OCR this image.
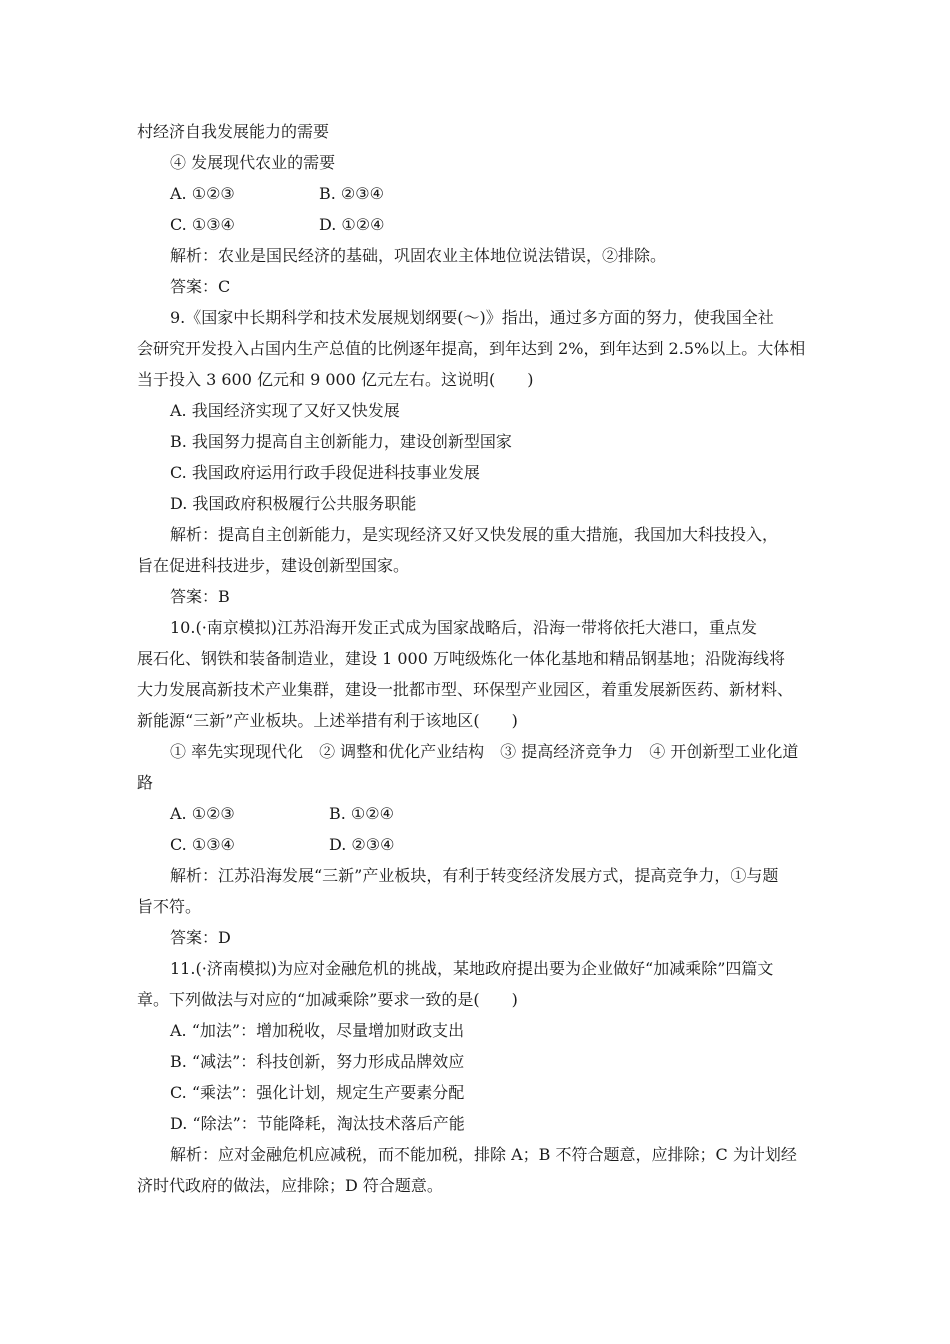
村经济自我发展能力的需要
④ 发展现代农业的需要
A. ①②③	B. ②③④
C. ①③④	D. ①②④
解析：农业是国民经济的基础，巩固农业主体地位说法错误，②排除。
答案：C
9.《国家中长期科学和技术发展规划纲要(～)》指出，通过多方面的努力，使我国全社
会研究开发投入占国内生产总值的比例逐年提高，到年达到 2%，到年达到 2.5%以上。大体相
当于投入 3 600 亿元和 9 000 亿元左右。这说明(　　)
A. 我国经济实现了又好又快发展
B. 我国努力提高自主创新能力，建设创新型国家
C. 我国政府运用行政手段促进科技事业发展
D. 我国政府积极履行公共服务职能
解析：提高自主创新能力，是实现经济又好又快发展的重大措施，我国加大科技投入，
旨在促进科技进步，建设创新型国家。
答案：B
10.(·南京模拟)江苏沿海开发正式成为国家战略后，沿海一带将依托大港口，重点发
展石化、钢铁和装备制造业，建设 1 000 万吨级炼化一体化基地和精品钢基地；沿陇海线将
大力发展高新技术产业集群，建设一批都市型、环保型产业园区，着重发展新医药、新材料、
新能源“三新”产业板块。上述举措有利于该地区(　　)
① 率先实现现代化　② 调整和优化产业结构　③ 提高经济竞争力　④ 开创新型工业化道
路
A. ①②③	B. ①②④
C. ①③④	D. ②③④
解析：江苏沿海发展“三新”产业板块，有利于转变经济发展方式，提高竞争力，①与题
旨不符。
答案：D
11.(·济南模拟)为应对金融危机的挑战，某地政府提出要为企业做好“加减乘除”四篇文
章。下列做法与对应的“加减乘除”要求一致的是(　　)
A. “加法”：增加税收，尽量增加财政支出
B. “减法”：科技创新，努力形成品牌效应
C. “乘法”：强化计划，规定生产要素分配
D. “除法”：节能降耗，淘汰技术落后产能
解析：应对金融危机应减税，而不能加税，排除 A；B 不符合题意，应排除；C 为计划经
济时代政府的做法，应排除；D 符合题意。
